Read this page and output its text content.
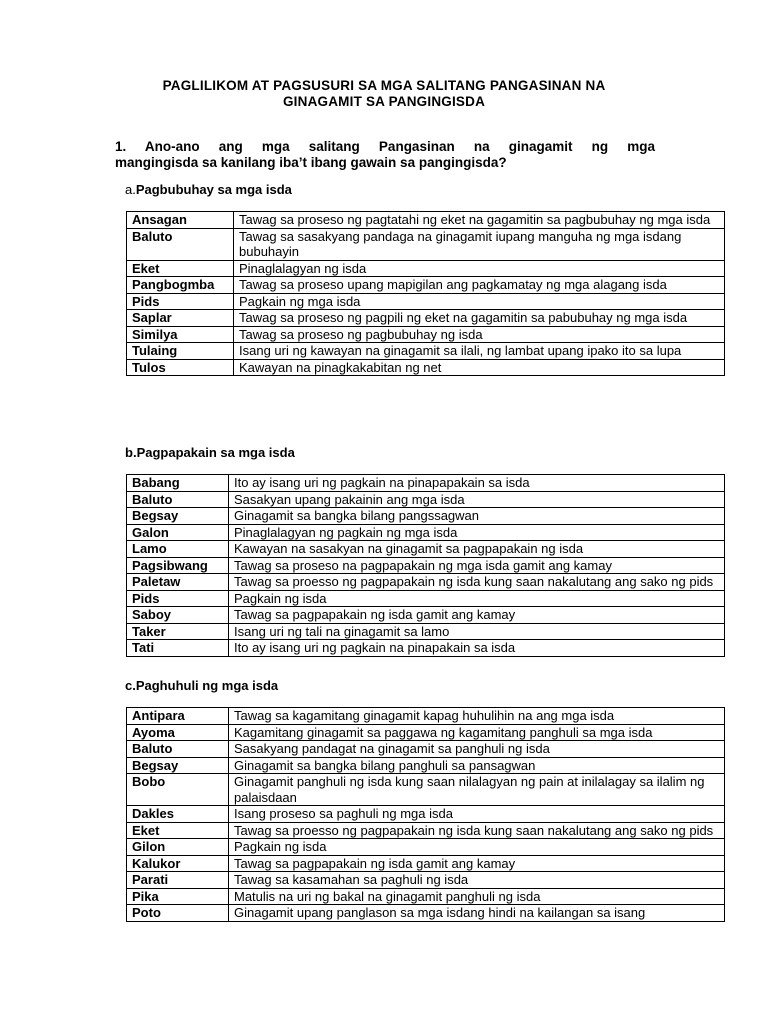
PAGLILIKOM AT PAGSUSURI SA MGA SALITANG PANGASINAN NA
GINAGAMIT SA PANGINGISDA
1. Ano-ano ang mga salitang Pangasinan na ginagamit ng mga
mangingisda sa kanilang iba’t ibang gawain sa pangingisda?
a.Pagbubuhay sa mga isda
Ansagan	Tawag sa proseso ng pagtatahi ng eket na gagamitin sa pagbubuhay ng mga isda
Baluto	Tawag sa sasakyang pandaga na ginagamit iupang manguha ng mga isdang bubuhayin
Eket	Pinaglalagyan ng isda
Pangbogmba	Tawag sa proseso upang mapigilan ang pagkamatay ng mga alagang isda
Pids	Pagkain ng mga isda
Saplar	Tawag sa proseso ng pagpili ng eket na gagamitin sa pabubuhay ng mga isda
Similya	Tawag sa proseso ng pagbubuhay ng isda
Tulaing	Isang uri ng kawayan na ginagamit sa ilali, ng lambat upang ipako ito sa lupa
Tulos	Kawayan na pinagkakabitan ng net
b.Pagpapakain sa mga isda
Babang	Ito ay isang uri ng pagkain na pinapapakain sa isda
Baluto	Sasakyan upang pakainin ang mga isda
Begsay	Ginagamit sa bangka bilang pangssagwan
Galon	Pinaglalagyan ng pagkain ng mga isda
Lamo	Kawayan na sasakyan na ginagamit sa pagpapakain ng isda
Pagsibwang	Tawag sa proseso na pagpapakain ng mga isda gamit ang kamay
Paletaw	Tawag sa proesso ng pagpapakain ng isda kung saan nakalutang ang sako ng pids
Pids	Pagkain ng isda
Saboy	Tawag sa pagpapakain ng isda gamit ang kamay
Taker	Isang uri ng tali na ginagamit sa lamo
Tati	Ito ay isang uri ng pagkain na pinapakain sa isda
c.Paghuhuli ng mga isda
Antipara	Tawag sa kagamitang ginagamit kapag huhulihin na ang mga isda
Ayoma	Kagamitang ginagamit sa paggawa ng kagamitang panghuli sa mga isda
Baluto	Sasakyang pandagat na ginagamit sa panghuli ng isda
Begsay	Ginagamit sa bangka bilang panghuli sa pansagwan
Bobo	Ginagamit panghuli ng isda kung saan nilalagyan ng pain at inilalagay sa ilalim ng palaisdaan
Dakles	Isang proseso sa paghuli ng mga isda
Eket	Tawag sa proesso ng pagpapakain ng isda kung saan nakalutang ang sako ng pids
Gilon	Pagkain ng isda
Kalukor	Tawag sa pagpapakain ng isda gamit ang kamay
Parati	Tawag sa kasamahan sa paghuli ng isda
Pika	Matulis na uri ng bakal na ginagamit panghuli ng isda
Poto	Ginagamit upang panglason sa mga isdang hindi na kailangan sa isang
